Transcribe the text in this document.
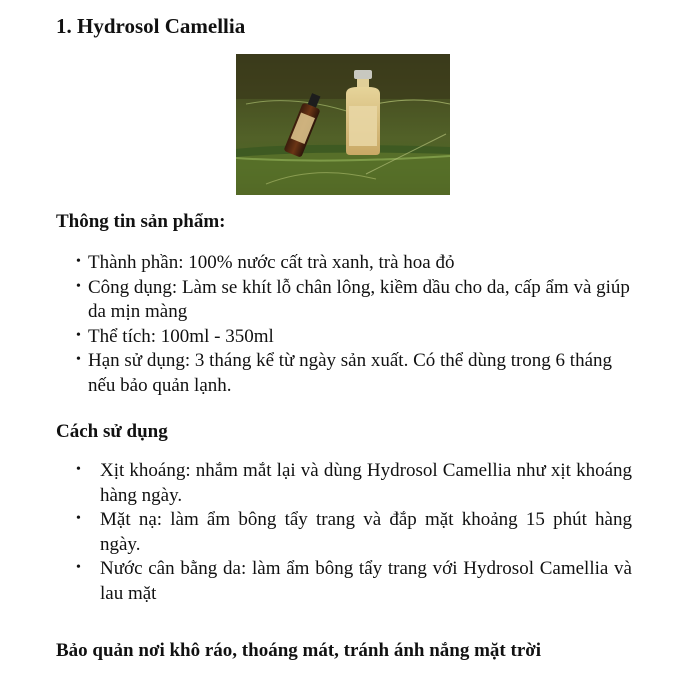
1. Hydrosol Camellia
Thông tin sản phẩm:
• Thành phần: 100% nước cất trà xanh, trà hoa đỏ
• Công dụng: Làm se khít lỗ chân lông, kiềm dầu cho da, cấp ẩm và giúp da mịn màng
• Thể tích: 100ml - 350ml
• Hạn sử dụng: 3 tháng kể từ ngày sản xuất. Có thể dùng trong 6 tháng nếu bảo quản lạnh.
Cách sử dụng
•	Xịt khoáng: nhắm mắt lại và dùng Hydrosol Camellia như xịt khoáng hàng ngày.
•	Mặt nạ: làm ẩm bông tẩy trang và đắp mặt khoảng 15 phút hàng ngày.
•	Nước cân bằng da: làm ẩm bông tẩy trang với Hydrosol Camellia và lau mặt
Bảo quản nơi khô ráo, thoáng mát, tránh ánh nắng mặt trời
